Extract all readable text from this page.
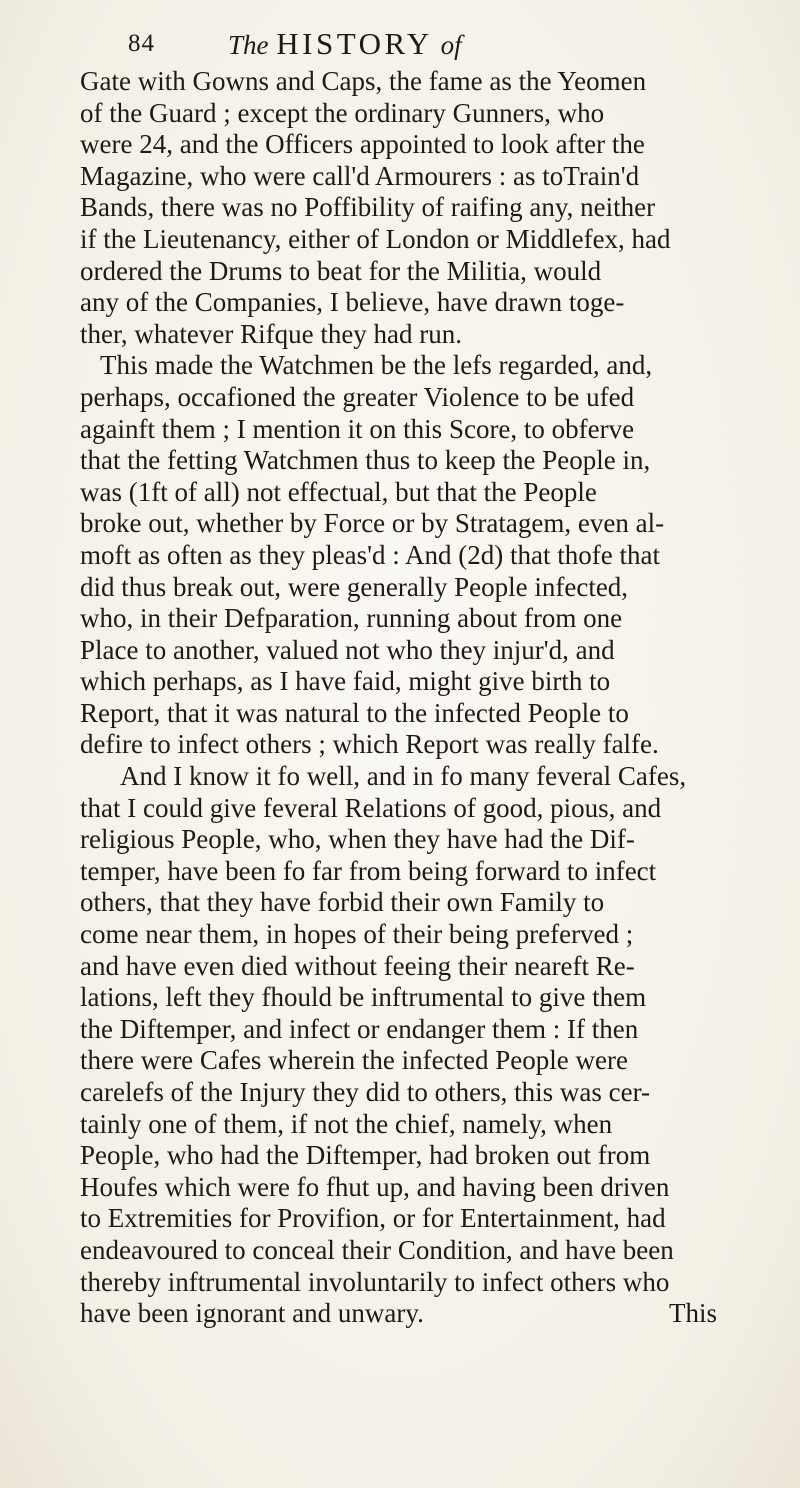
84	The HISTORY of
Gate with Gowns and Caps, the fame as the Yeomen
of the Guard ; except the ordinary Gunners, who
were 24, and the Officers appointed to look after the
Magazine, who were call'd Armourers : as toTrain'd
Bands, there was no Poffibility of raifing any, neither
if the Lieutenancy, either of London or Middlefex, had
ordered the Drums to beat for the Militia, would
any of the Companies, I believe, have drawn toge-
ther, whatever Rifque they had run.
This made the Watchmen be the lefs regarded, and,
perhaps, occafioned the greater Violence to be ufed
againft them ; I mention it on this Score, to obferve
that the fetting Watchmen thus to keep the People in,
was (1ft of all) not effectual, but that the People
broke out, whether by Force or by Stratagem, even al-
moft as often as they pleas'd : And (2d) that thofe that
did thus break out, were generally People infected,
who, in their Defparation, running about from one
Place to another, valued not who they injur'd, and
which perhaps, as I have faid, might give birth to
Report, that it was natural to the infected People to
defire to infect others ; which Report was really falfe.
And I know it fo well, and in fo many feveral Cafes,
that I could give feveral Relations of good, pious, and
religious People, who, when they have had the Dif-
temper, have been fo far from being forward to infect
others, that they have forbid their own Family to
come near them, in hopes of their being preferved ;
and have even died without feeing their neareft Re-
lations, left they fhould be inftrumental to give them
the Diftemper, and infect or endanger them : If then
there were Cafes wherein the infected People were
carelefs of the Injury they did to others, this was cer-
tainly one of them, if not the chief, namely, when
People, who had the Diftemper, had broken out from
Houfes which were fo fhut up, and having been driven
to Extremities for Provifion, or for Entertainment, had
endeavoured to conceal their Condition, and have been
thereby inftrumental involuntarily to infect others who
have been ignorant and unwary.	This
